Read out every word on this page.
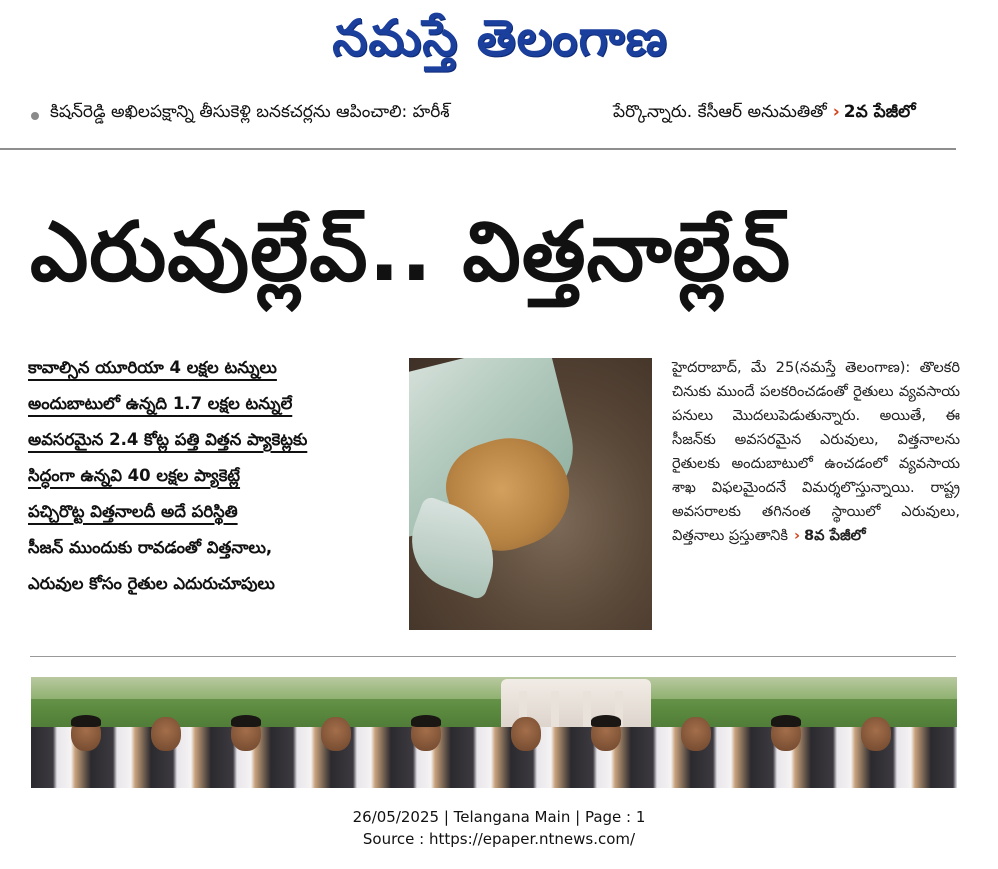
నమస్తే తెలంగాణ
కిషన్‌రెడ్డి అఖిలపక్షాన్ని తీసుకెళ్లి బనకచర్లను ఆపించాలి: హరీశ్	పేర్కొన్నారు. కేసీఆర్ అనుమతితో › 2వ పేజీలో
ఎరువుల్లేవ్.. విత్తనాల్లేవ్
కావాల్సిన యూరియా 4 లక్షల టన్నులు
అందుబాటులో ఉన్నది 1.7 లక్షల టన్నులే
అవసరమైన 2.4 కోట్ల పత్తి విత్తన ప్యాకెట్లకు
సిద్ధంగా ఉన్నవి 40 లక్షల ప్యాకెట్లే
పచ్చిరొట్ట విత్తనాలదీ అదే పరిస్థితి
సీజన్ ముందుకు రావడంతో విత్తనాలు,
ఎరువుల కోసం రైతుల ఎదురుచూపులు

హైదరాబాద్, మే 25(నమస్తే తెలంగాణ): తొలకరి చినుకు ముందే పలకరించడంతో రైతులు వ్యవసాయ పనులు మొదలుపెడుతున్నారు. అయితే, ఈ సీజన్‌కు అవసరమైన ఎరువులు, విత్తనాలను రైతులకు అందుబాటులో ఉంచడంలో వ్యవసాయ శాఖ విఫలమైందనే విమర్శలొస్తున్నాయి. రాష్ట్ర అవసరాలకు తగినంత స్థాయిలో ఎరువులు, విత్తనాలు ప్రస్తుతానికి › 8వ పేజీలో

26/05/2025 | Telangana Main | Page : 1
Source : https://epaper.ntnews.com/
